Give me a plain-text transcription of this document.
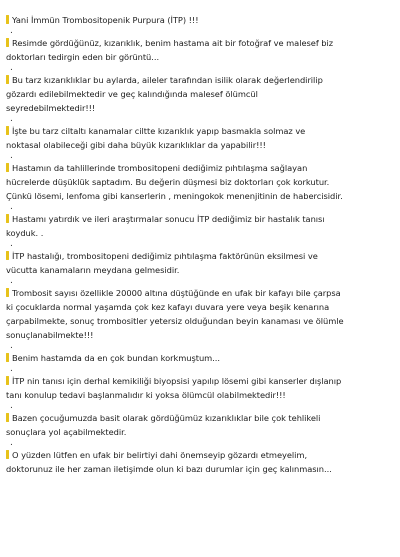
Yani İmmün Trombositopenik Purpura (İTP) !!!
.
Resimde gördüğünüz, kızarıklık, benim hastama ait bir fotoğraf ve malesef biz
doktorları tedirgin eden bir görüntü...
.
Bu tarz kızarıklıklar bu aylarda, aileler tarafından isilik olarak değerlendirilip
gözardı edilebilmektedir ve geç kalındığında malesef ölümcül
seyredebilmektedir!!!
.
İşte bu tarz ciltaltı kanamalar ciltte kızarıklık yapıp basmakla solmaz ve
noktasal olabileceği gibi daha büyük kızarıklıklar da yapabilir!!!
.
Hastamın da tahlillerinde trombositopeni dediğimiz pıhtılaşma sağlayan
hücrelerde düşüklük saptadım. Bu değerin düşmesi biz doktorları çok korkutur.
Çünkü lösemi, lenfoma gibi kanserlerin , meningokok menenjitinin de habercisidir.
.
Hastamı yatırdık ve ileri araştırmalar sonucu İTP dediğimiz bir hastalık tanısı
koyduk. .
.
İTP hastalığı, trombositopeni dediğimiz pıhtılaşma faktörünün eksilmesi ve
vücutta kanamaların meydana gelmesidir.
.
Trombosit sayısı özellikle 20000 altına düştüğünde en ufak bir kafayı bile çarpsa
ki çocuklarda normal yaşamda çok kez kafayı duvara yere veya beşik kenarına
çarpabilmekte, sonuç trombositler yetersiz olduğundan beyin kanaması ve ölümle
sonuçlanabilmekte!!!
.
Benim hastamda da en çok bundan korkmuştum...
.
İTP nin tanısı için derhal kemikiliği biyopsisi yapılıp lösemi gibi kanserler dışlanıp
tanı konulup tedavi başlanmalıdır ki yoksa ölümcül olabilmektedir!!!
.
Bazen çocuğumuzda basit olarak gördüğümüz kızarıklıklar bile çok tehlikeli
sonuçlara yol açabilmektedir.
.
O yüzden lütfen en ufak bir belirtiyi dahi önemseyip gözardı etmeyelim,
doktorunuz ile her zaman iletişimde olun ki bazı durumlar için geç kalınmasın...
